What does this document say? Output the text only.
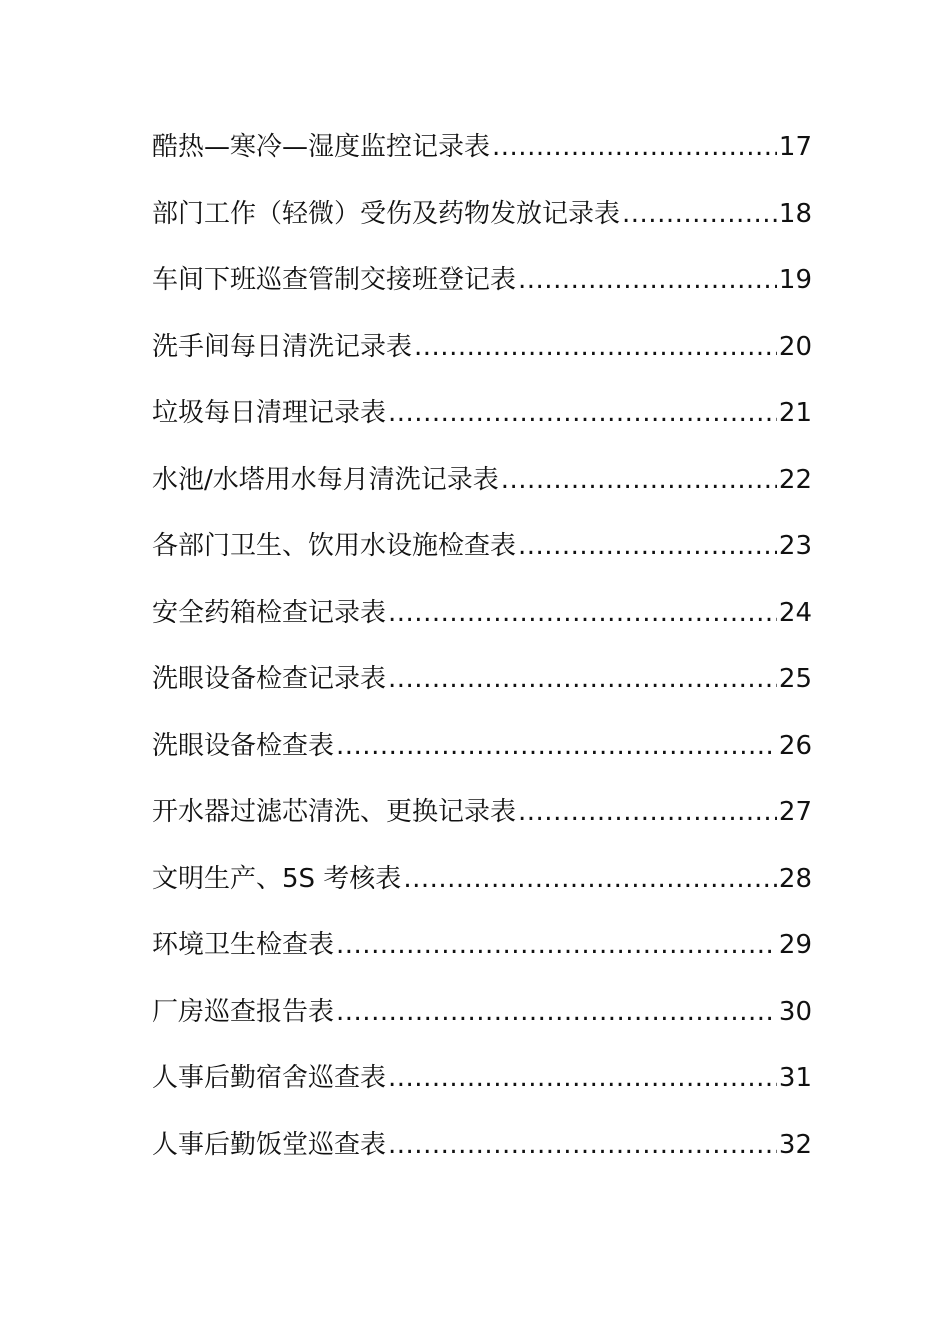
酷热—寒冷—湿度监控记录表 .....	17
部门工作（轻微）受伤及药物发放记录表 .....	18
车间下班巡查管制交接班登记表 .....	19
洗手间每日清洗记录表 .....	20
垃圾每日清理记录表 .....	21
水池/水塔用水每月清洗记录表 .....	22
各部门卫生、饮用水设施检查表 .....	23
安全药箱检查记录表 .....	24
洗眼设备检查记录表 .....	25
洗眼设备检查表 .....	26
开水器过滤芯清洗、更换记录表 .....	27
文明生产、5S 考核表 .....	28
环境卫生检查表 .....	29
厂房巡查报告表 .....	30
人事后勤宿舍巡查表 .....	31
人事后勤饭堂巡查表 .....	32
